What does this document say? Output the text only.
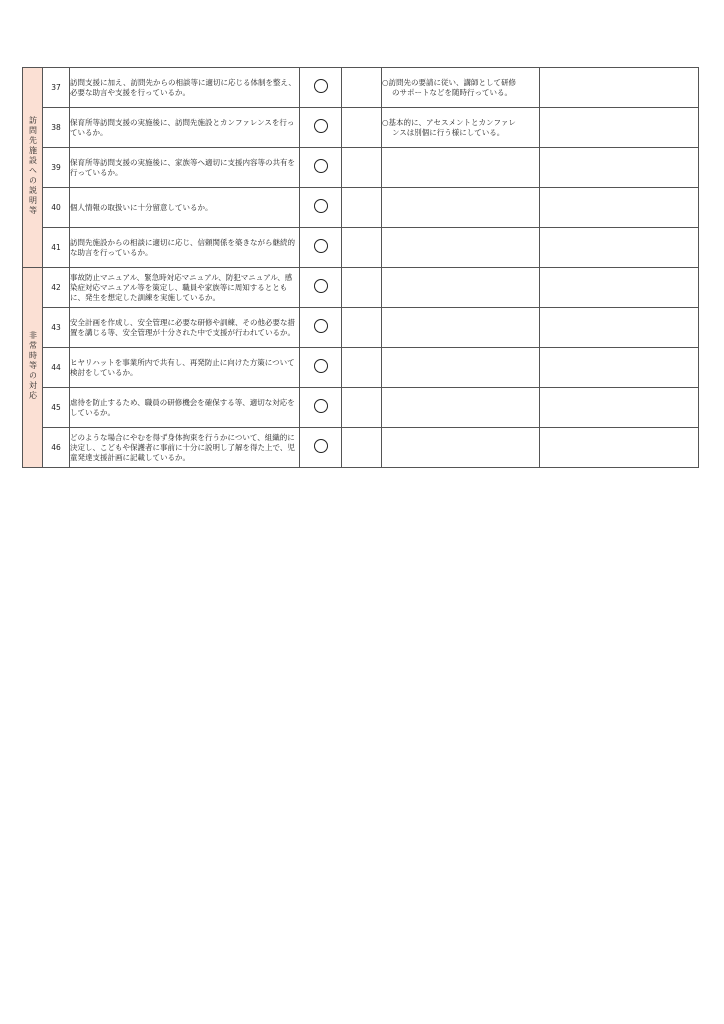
訪問先施設への説明等	37	訪問支援に加え、訪問先からの相談等に適切に応じる体制を整え、必要な助言や支援を行っているか。			○訪問先の要請に従い、講師として研修
のサポートなどを随時行っている。	

	38	保育所等訪問支援の実施後に、訪問先施設とカンファレンスを行っているか。			○基本的に、アセスメントとカンファレ
ンスは別個に行う様にしている。	

	39	保育所等訪問支援の実施後に、家族等へ適切に支援内容等の共有を行っているか。				

	40	個人情報の取扱いに十分留意しているか。				

	41	訪問先施設からの相談に適切に応じ、信頼関係を築きながら継続的な助言を行っているか。				

非常時等の対応	42	事故防止マニュアル、緊急時対応マニュアル、防犯マニュアル、感染症対応マニュアル等を策定し、職員や家族等に周知するとともに、発生を想定した訓練を実施しているか。				

	43	安全計画を作成し、安全管理に必要な研修や訓練、その他必要な措置を講じる等、安全管理が十分された中で支援が行われているか。				

	44	ヒヤリハットを事業所内で共有し、再発防止に向けた方策について検討をしているか。				

	45	虐待を防止するため、職員の研修機会を確保する等、適切な対応をしているか。				

	46	どのような場合にやむを得ず身体拘束を行うかについて、組織的に決定し、こどもや保護者に事前に十分に説明し了解を得た上で、児童発達支援計画に記載しているか。				
